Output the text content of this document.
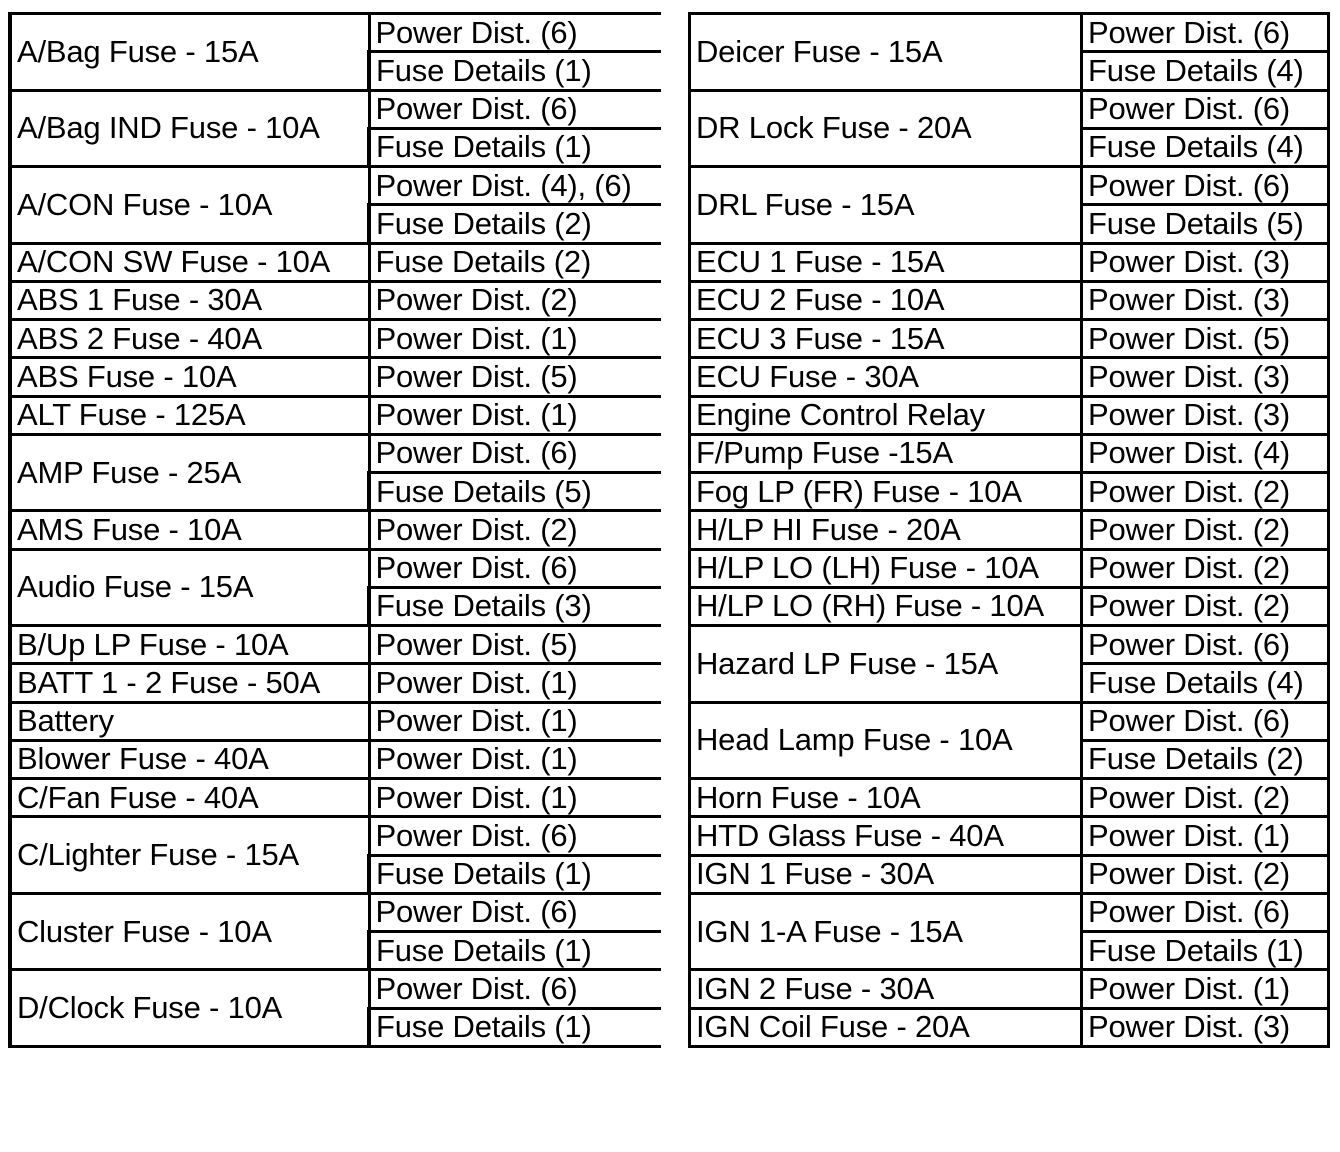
A/Bag Fuse - 15A	Power Dist. (6)
	Fuse Details (1)
A/Bag IND Fuse - 10A	Power Dist. (6)
	Fuse Details (1)
A/CON Fuse - 10A	Power Dist. (4), (6)
	Fuse Details (2)
A/CON SW Fuse - 10A	Fuse Details (2)
ABS 1 Fuse - 30A	Power Dist. (2)
ABS 2 Fuse - 40A	Power Dist. (1)
ABS Fuse - 10A	Power Dist. (5)
ALT Fuse - 125A	Power Dist. (1)
AMP Fuse - 25A	Power Dist. (6)
	Fuse Details (5)
AMS Fuse - 10A	Power Dist. (2)
Audio Fuse - 15A	Power Dist. (6)
	Fuse Details (3)
B/Up LP Fuse - 10A	Power Dist. (5)
BATT 1 - 2 Fuse - 50A	Power Dist. (1)
Battery	Power Dist. (1)
Blower Fuse - 40A	Power Dist. (1)
C/Fan Fuse - 40A	Power Dist. (1)
C/Lighter Fuse - 15A	Power Dist. (6)
	Fuse Details (1)
Cluster Fuse - 10A	Power Dist. (6)
	Fuse Details (1)
D/Clock Fuse - 10A	Power Dist. (6)
	Fuse Details (1)
Deicer Fuse - 15A	Power Dist. (6)
	Fuse Details (4)
DR Lock Fuse - 20A	Power Dist. (6)
	Fuse Details (4)
DRL Fuse - 15A	Power Dist. (6)
	Fuse Details (5)
ECU 1 Fuse - 15A	Power Dist. (3)
ECU 2 Fuse - 10A	Power Dist. (3)
ECU 3 Fuse - 15A	Power Dist. (5)
ECU Fuse - 30A	Power Dist. (3)
Engine Control Relay	Power Dist. (3)
F/Pump Fuse -15A	Power Dist. (4)
Fog LP (FR) Fuse - 10A	Power Dist. (2)
H/LP HI Fuse - 20A	Power Dist. (2)
H/LP LO (LH) Fuse - 10A	Power Dist. (2)
H/LP LO (RH) Fuse - 10A	Power Dist. (2)
Hazard LP Fuse - 15A	Power Dist. (6)
	Fuse Details (4)
Head Lamp Fuse - 10A	Power Dist. (6)
	Fuse Details (2)
Horn Fuse - 10A	Power Dist. (2)
HTD Glass Fuse - 40A	Power Dist. (1)
IGN 1 Fuse - 30A	Power Dist. (2)
IGN 1-A Fuse - 15A	Power Dist. (6)
	Fuse Details (1)
IGN 2 Fuse - 30A	Power Dist. (1)
IGN Coil Fuse - 20A	Power Dist. (3)
